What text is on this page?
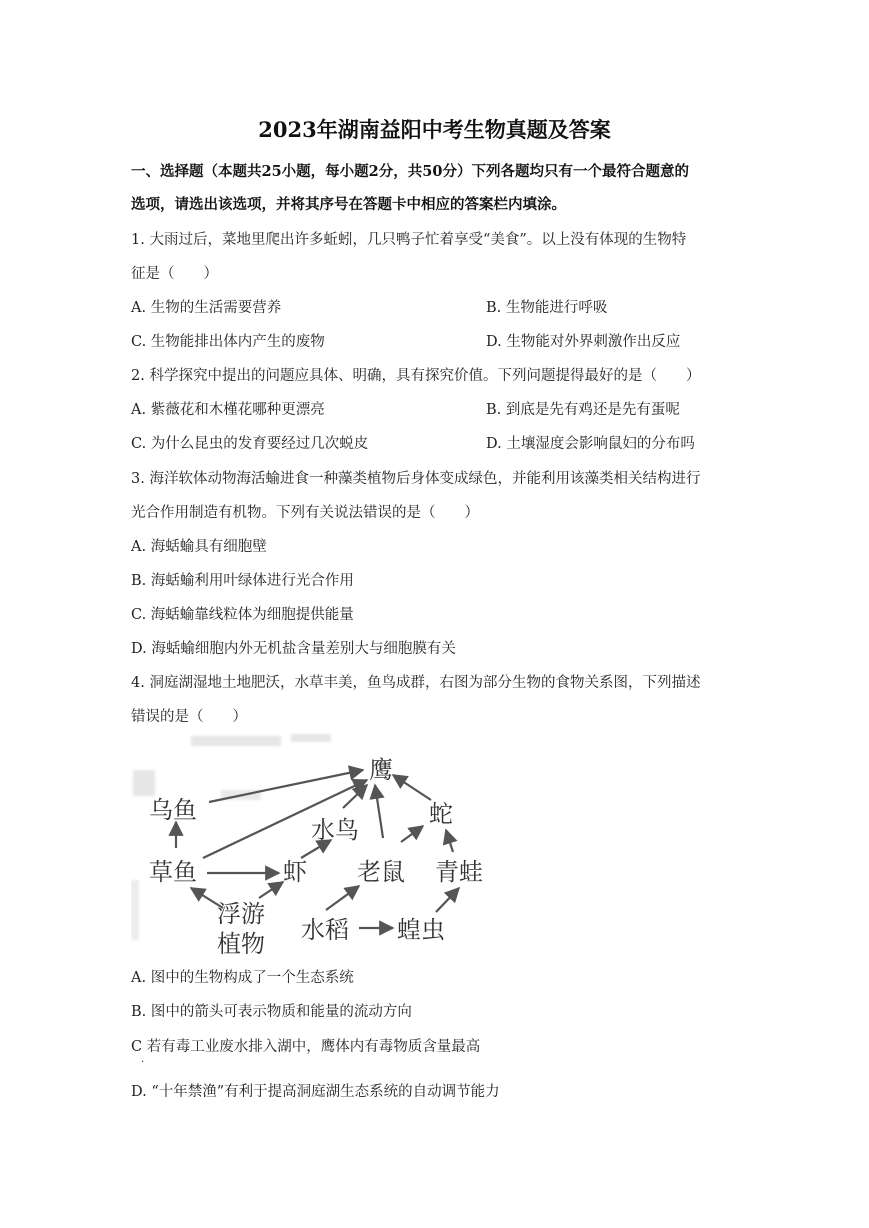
2023年湖南益阳中考生物真题及答案
一、选择题（本题共25小题，每小题2分，共50分）下列各题均只有一个最符合题意的
选项，请选出该选项，并将其序号在答题卡中相应的答案栏内填涂。
1. 大雨过后，菜地里爬出许多蚯蚓，几只鸭子忙着享受“美食”。以上没有体现的生物特
征是（　　）
A. 生物的生活需要营养	B. 生物能进行呼吸
C. 生物能排出体内产生的废物	D. 生物能对外界刺激作出反应
2. 科学探究中提出的问题应具体、明确，具有探究价值。下列问题提得最好的是（　　）
A. 紫薇花和木槿花哪种更漂亮	B. 到底是先有鸡还是先有蛋呢
C. 为什么昆虫的发育要经过几次蜕皮	D. 土壤湿度会影响鼠妇的分布吗
3. 海洋软体动物海活蝓进食一种藻类植物后身体变成绿色，并能利用该藻类相关结构进行
光合作用制造有机物。下列有关说法错误的是（　　）
A. 海蛞蝓具有细胞壁
B. 海蛞蝓利用叶绿体进行光合作用
C. 海蛞蝓靠线粒体为细胞提供能量
D. 海蛞蝓细胞内外无机盐含量差别大与细胞膜有关
4. 洞庭湖湿地土地肥沃，水草丰美，鱼鸟成群，右图为部分生物的食物关系图，下列描述
错误的是（　　）
鹰
乌鱼
水鸟
蛇
草鱼	虾 老鼠 青蛙
浮游
植物 水稻 蝗虫
A. 图中的生物构成了一个生态系统
B. 图中的箭头可表示物质和能量的流动方向
C 若有毒工业废水排入湖中，鹰体内有毒物质含量最高
.
D. “十年禁渔”有利于提高洞庭湖生态系统的自动调节能力
